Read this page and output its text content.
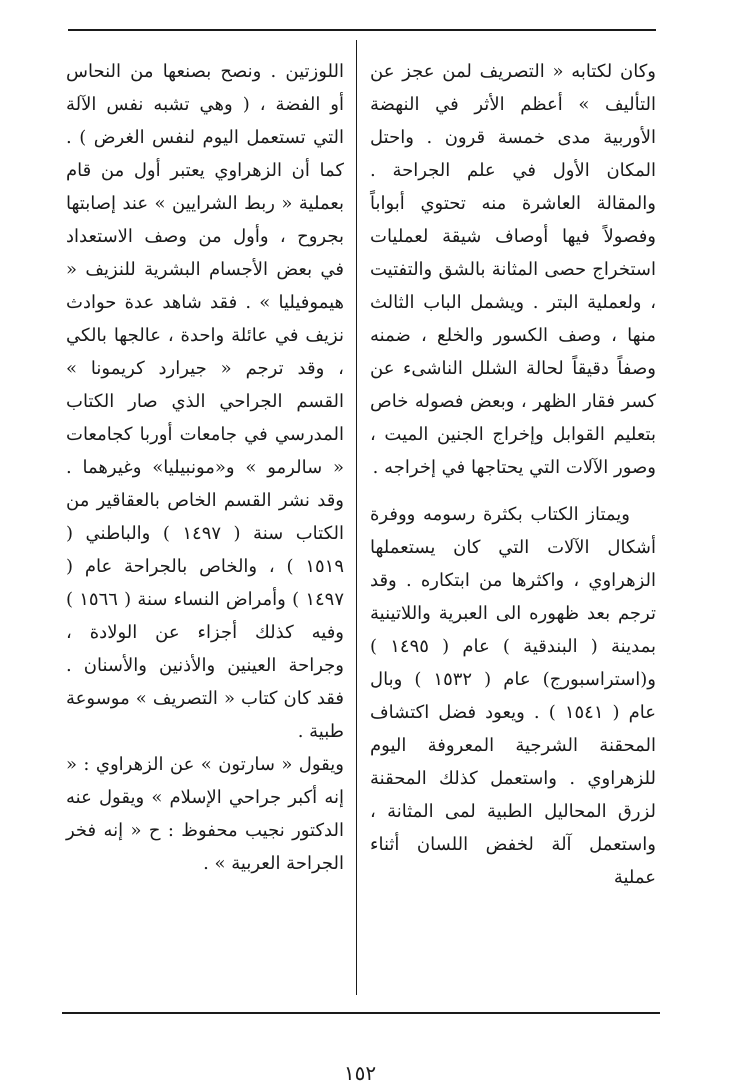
وكان لكتابه « التصريف لمن عجز عن التأليف » أعظم الأثر في النهضة الأوربية مدى خمسة قرون . واحتل المكان الأول في علم الجراحة . والمقالة العاشرة منه تحتوي أبواباً وفصولاً فيها أوصاف شيقة لعمليات استخراج حصى المثانة بالشق والتفتيت ، ولعملية البتر . ويشمل الباب الثالث منها ، وصف الكسور والخلع ، ضمنه وصفاً دقيقاً لحالة الشلل الناشىء عن كسر فقار الظهر ، وبعض فصوله خاص بتعليم القوابل وإخراج الجنين الميت ، وصور الآلات التي يحتاجها في إخراجه .

ويمتاز الكتاب بكثرة رسومه ووفرة أشكال الآلات التي كان يستعملها الزهراوي ، واكثرها من ابتكاره . وقد ترجم بعد ظهوره الى العبرية واللاتينية بمدينة ( البندقية ) عام ( ١٤٩٥ ) و(استراسبورج) عام ( ١٥٣٢ ) وبال عام ( ١٥٤١ ) . ويعود فضل اكتشاف المحقنة الشرجية المعروفة اليوم للزهراوي . واستعمل كذلك المحقنة لزرق المحاليل الطبية لمى المثانة ، واستعمل آلة لخفض اللسان أثناء عملية

اللوزتين . ونصح بصنعها من النحاس أو الفضة ، ( وهي تشبه نفس الآلة التي تستعمل اليوم لنفس الغرض ) . كما أن الزهراوي يعتبر أول من قام بعملية « ربط الشرايين » عند إصابتها بجروح ، وأول من وصف الاستعداد في بعض الأجسام البشرية للنزيف « هيموفيليا » . فقد شاهد عدة حوادث نزيف في عائلة واحدة ، عالجها بالكي ، وقد ترجم « جيرارد كريمونا » القسم الجراحي الذي صار الكتاب المدرسي في جامعات أوربا كجامعات « سالرمو » و«مونبيليا» وغيرهما . وقد نشر القسم الخاص بالعقاقير من الكتاب سنة ( ١٤٩٧ ) والباطني ( ١٥١٩ ) ، والخاص بالجراحة عام ( ١٤٩٧ ) وأمراض النساء سنة ( ١٥٦٦ ) وفيه كذلك أجزاء عن الولادة ، وجراحة العينين والأذنين والأسنان . فقد كان كتاب « التصريف » موسوعة طبية .

ويقول « سارتون » عن الزهراوي : « إنه أكبر جراحي الإسلام » ويقول عنه الدكتور نجيب محفوظ : ح « إنه فخر الجراحة العربية » .

١٥٢
